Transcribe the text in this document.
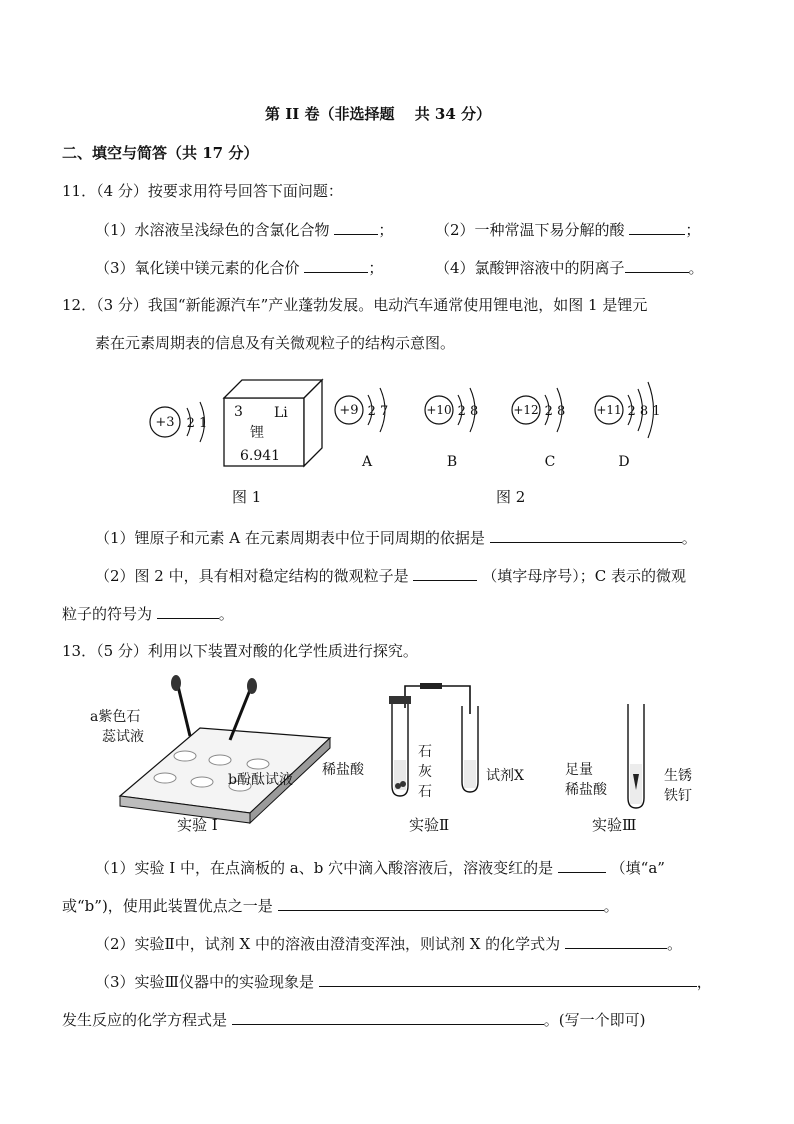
第 II 卷（非选择题　 共 34 分）
二、填空与简答（共 17 分）
11．（4 分）按要求用符号回答下面问题：
（1）水溶液呈浅绿色的含氯化合物	；	（2）一种常温下易分解的酸	；
（3）氧化镁中镁元素的化合价	；	（4）氯酸钾溶液中的阴离子	。
12．（3 分）我国“新能源汽车”产业蓬勃发展。电动汽车通常使用锂电池，如图 1 是锂元
素在元素周期表的信息及有关微观粒子的结构示意图。
+3 2 1
3 Li
锂
6.941
+9 2 7
A
+10 2 8
B
+12 2 8
C
+11 2 8 1
D
图 1	图 2
（1）锂原子和元素 A 在元素周期表中位于同周期的依据是	。
（2）图 2 中，具有相对稳定结构的微观粒子是	（填字母序号）；C 表示的微观
粒子的符号为	。
13．（5 分）利用以下装置对酸的化学性质进行探究。
a紫色石
蕊试液
b酚酞试液
实验 I
稀盐酸
石
灰
石
试剂X
实验Ⅱ
足量
稀盐酸
生锈
铁钉
实验Ⅲ
（1）实验 I 中，在点滴板的 a、b 穴中滴入酸溶液后，溶液变红的是	（填“a”
或“b”)，使用此装置优点之一是	。
（2）实验Ⅱ中，试剂 X 中的溶液由澄清变浑浊，则试剂 X 的化学式为	。
（3）实验Ⅲ仪器中的实验现象是	，
发生反应的化学方程式是	。(写一个即可)
